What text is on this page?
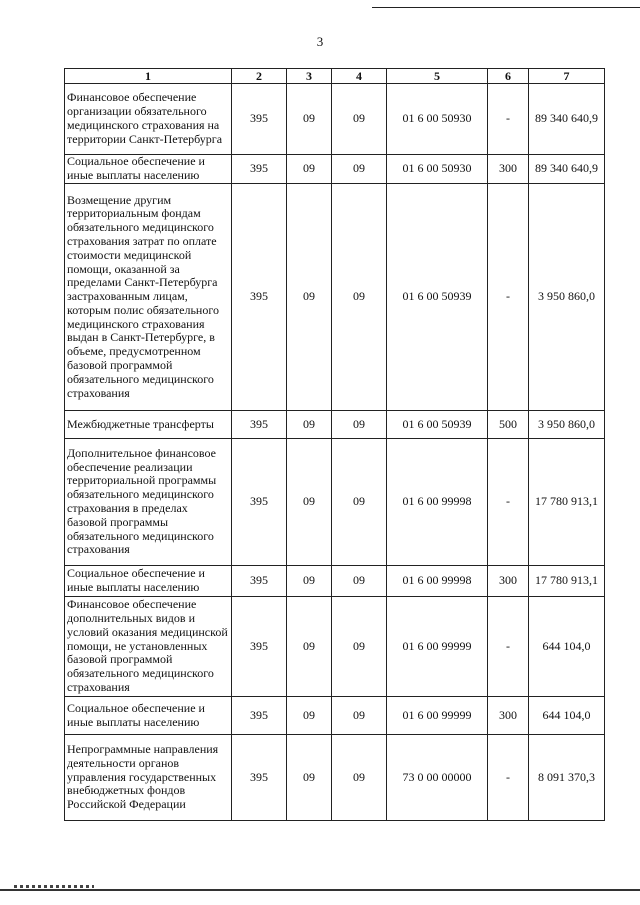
3
1	2	3	4	5	6	7
Финансовое обеспечение организации обязательного медицинского страхования на территории Санкт-Петербурга	395	09	09	01 6 00 50930	-	89 340 640,9
Социальное обеспечение и иные выплаты населению	395	09	09	01 6 00 50930	300	89 340 640,9
Возмещение другим территориальным фондам обязательного медицинского страхования затрат по оплате стоимости медицинской помощи, оказанной за пределами Санкт-Петербурга застрахованным лицам, которым полис обязательного медицинского страхования выдан в Санкт-Петербурге, в объеме, предусмотренном базовой программой обязательного медицинского страхования	395	09	09	01 6 00 50939	-	3 950 860,0
Межбюджетные трансферты	395	09	09	01 6 00 50939	500	3 950 860,0
Дополнительное финансовое обеспечение реализации территориальной программы обязательного медицинского страхования в пределах базовой программы обязательного медицинского страхования	395	09	09	01 6 00 99998	-	17 780 913,1
Социальное обеспечение и иные выплаты населению	395	09	09	01 6 00 99998	300	17 780 913,1
Финансовое обеспечение дополнительных видов и условий оказания медицинской помощи, не установленных базовой программой обязательного медицинского страхования	395	09	09	01 6 00 99999	-	644 104,0
Социальное обеспечение и иные выплаты населению	395	09	09	01 6 00 99999	300	644 104,0
Непрограммные направления деятельности органов управления государственных внебюджетных фондов Российской Федерации	395	09	09	73 0 00 00000	-	8 091 370,3
